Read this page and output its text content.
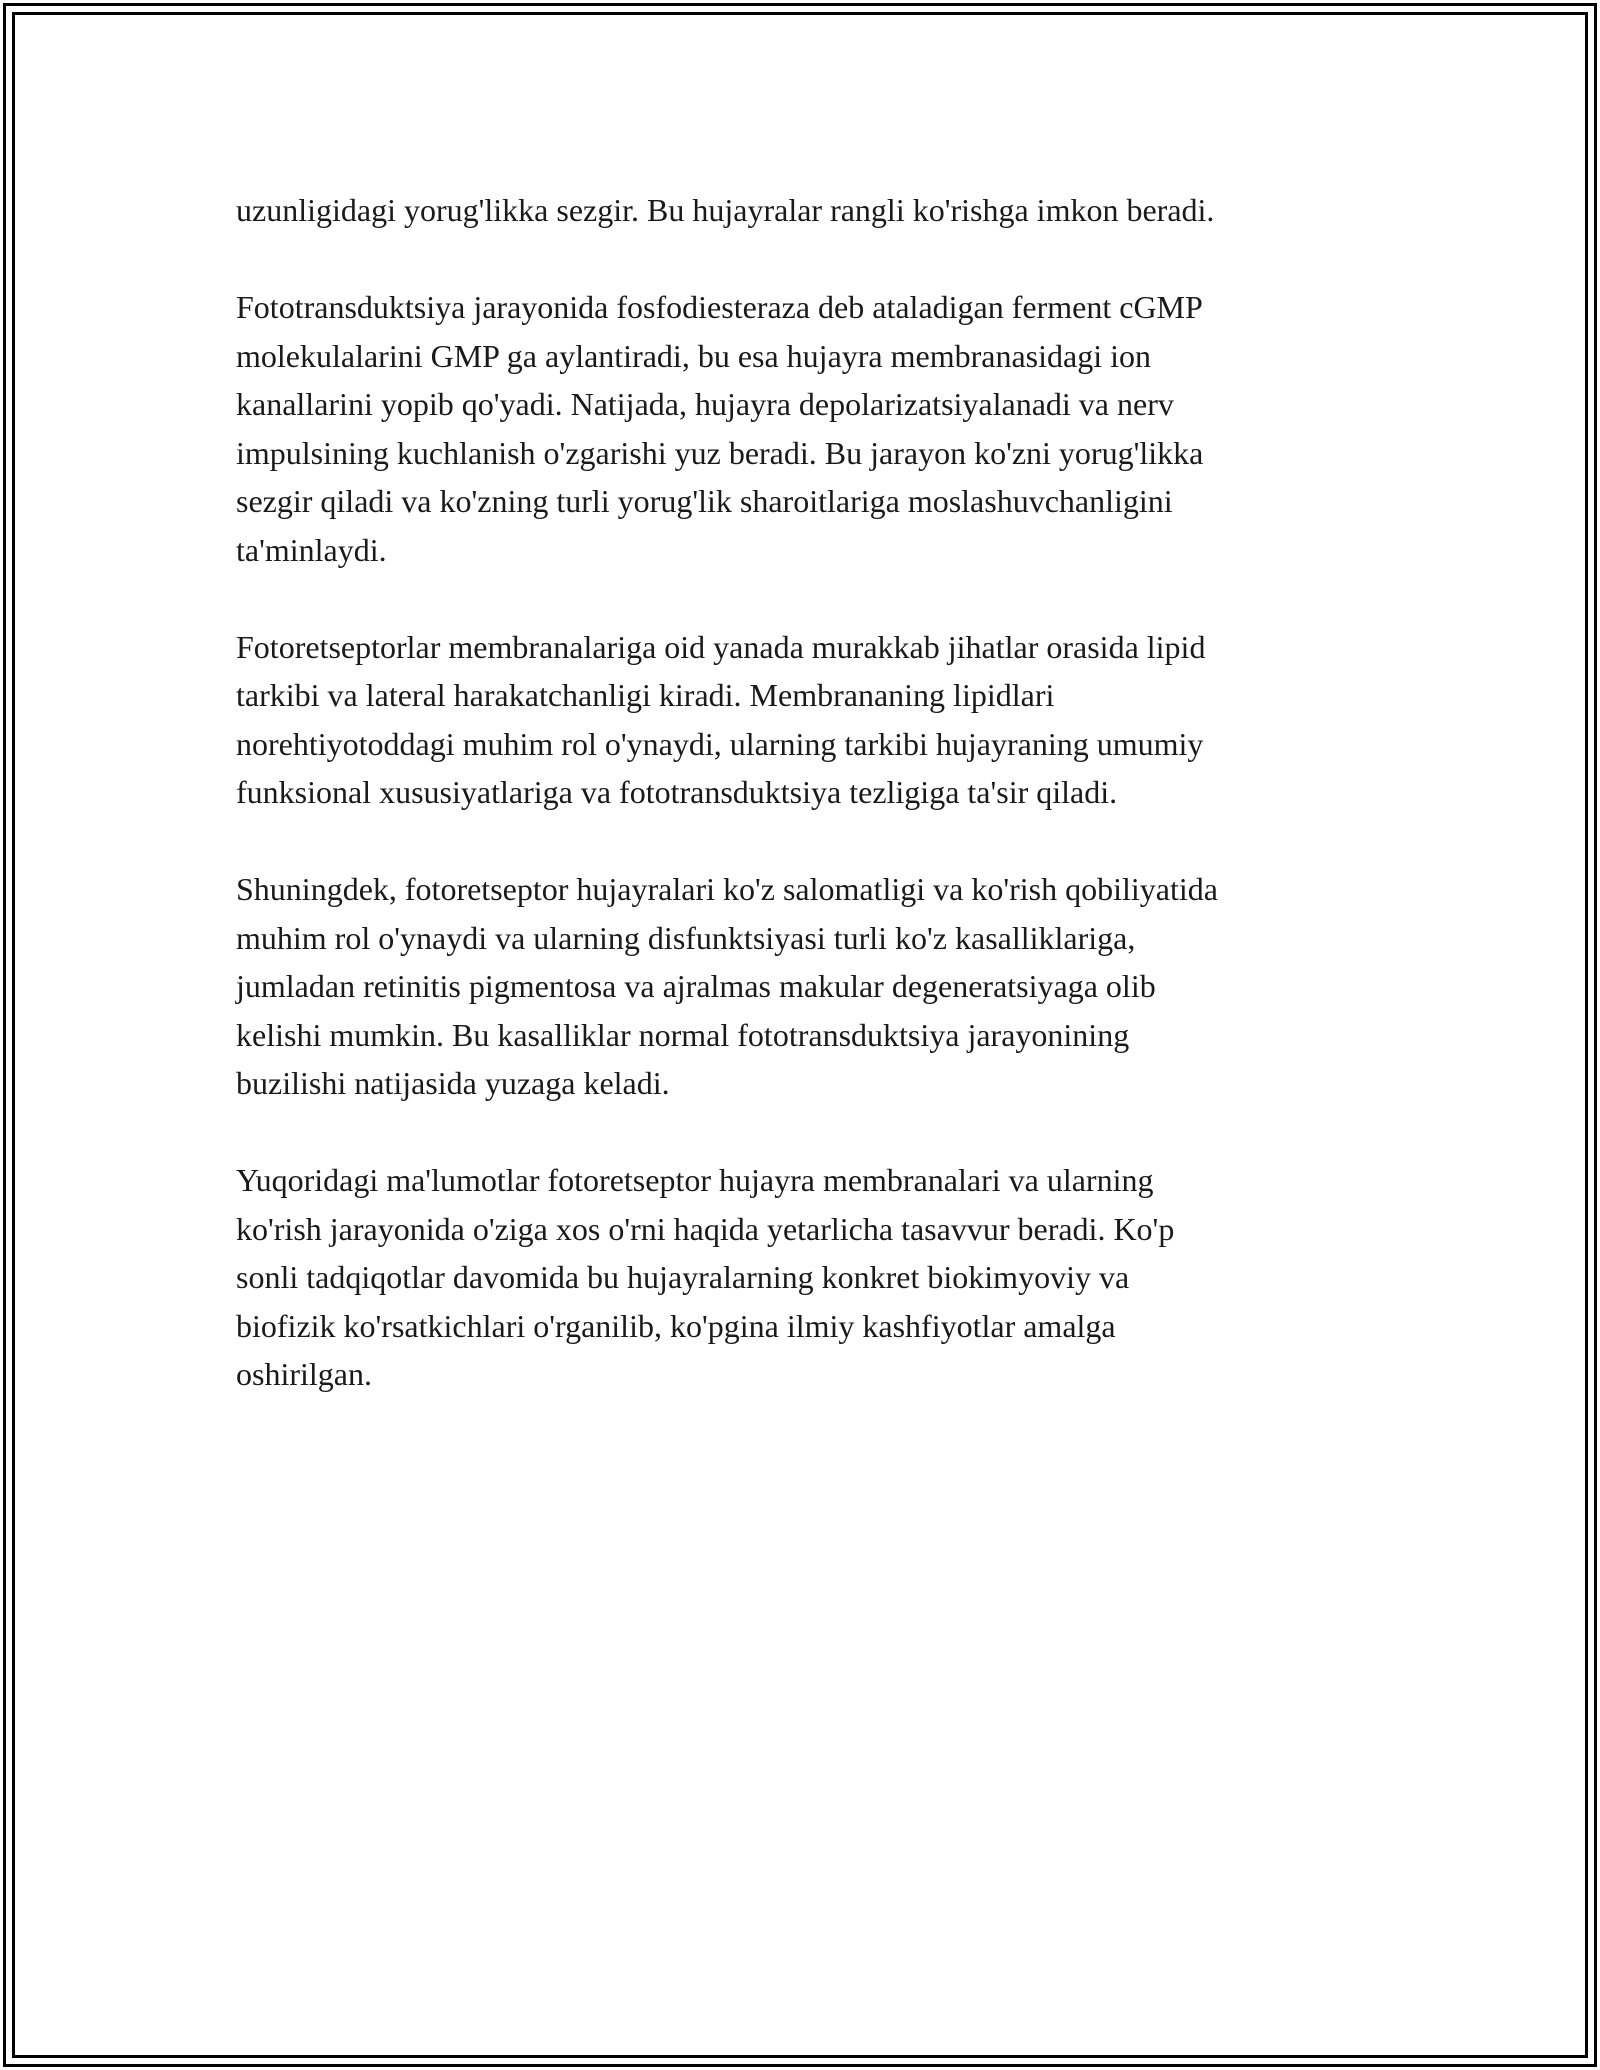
uzunligidagi yorug'likka sezgir. Bu hujayralar rangli ko'rishga imkon beradi.

Fototransduktsiya jarayonida fosfodiesteraza deb ataladigan ferment cGMP
molekulalarini GMP ga aylantiradi, bu esa hujayra membranasidagi ion
kanallarini yopib qo'yadi. Natijada, hujayra depolarizatsiyalanadi va nerv
impulsining kuchlanish o'zgarishi yuz beradi. Bu jarayon ko'zni yorug'likka
sezgir qiladi va ko'zning turli yorug'lik sharoitlariga moslashuvchanligini
ta'minlaydi.

Fotoretseptorlar membranalariga oid yanada murakkab jihatlar orasida lipid
tarkibi va lateral harakatchanligi kiradi. Membrananing lipidlari
norehtiyotoddagi muhim rol o'ynaydi, ularning tarkibi hujayraning umumiy
funksional xususiyatlariga va fototransduktsiya tezligiga ta'sir qiladi.

Shuningdek, fotoretseptor hujayralari ko'z salomatligi va ko'rish qobiliyatida
muhim rol o'ynaydi va ularning disfunktsiyasi turli ko'z kasalliklariga,
jumladan retinitis pigmentosa va ajralmas makular degeneratsiyaga olib
kelishi mumkin. Bu kasalliklar normal fototransduktsiya jarayonining
buzilishi natijasida yuzaga keladi.

Yuqoridagi ma'lumotlar fotoretseptor hujayra membranalari va ularning
ko'rish jarayonida o'ziga xos o'rni haqida yetarlicha tasavvur beradi. Ko'p
sonli tadqiqotlar davomida bu hujayralarning konkret biokimyoviy va
biofizik ko'rsatkichlari o'rganilib, ko'pgina ilmiy kashfiyotlar amalga
oshirilgan.
